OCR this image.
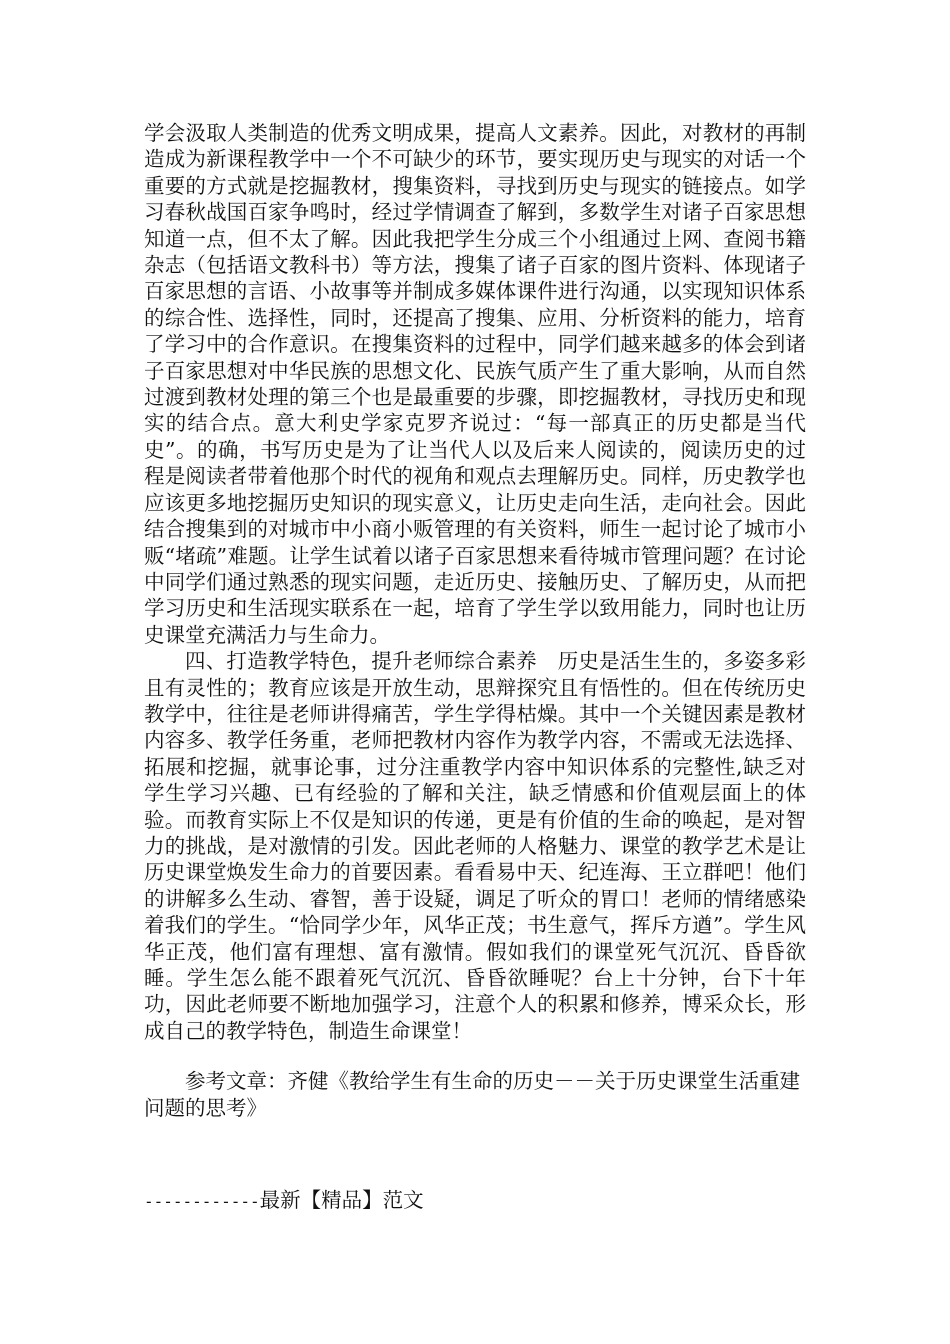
学会汲取人类制造的优秀文明成果，提高人文素养。因此，对教材的再制造成为新课程教学中一个不可缺少的环节，要实现历史与现实的对话一个重要的方式就是挖掘教材，搜集资料，寻找到历史与现实的链接点。如学习春秋战国百家争鸣时，经过学情调查了解到，多数学生对诸子百家思想知道一点，但不太了解。因此我把学生分成三个小组通过上网、查阅书籍杂志（包括语文教科书）等方法，搜集了诸子百家的图片资料、体现诸子百家思想的言语、小故事等并制成多媒体课件进行沟通，以实现知识体系的综合性、选择性，同时，还提高了搜集、应用、分析资料的能力，培育了学习中的合作意识。在搜集资料的过程中，同学们越来越多的体会到诸子百家思想对中华民族的思想文化、民族气质产生了重大影响，从而自然过渡到教材处理的第三个也是最重要的步骤，即挖掘教材，寻找历史和现实的结合点。意大利史学家克罗齐说过：“每一部真正的历史都是当代史”。的确，书写历史是为了让当代人以及后来人阅读的，阅读历史的过程是阅读者带着他那个时代的视角和观点去理解历史。同样，历史教学也应该更多地挖掘历史知识的现实意义，让历史走向生活，走向社会。因此结合搜集到的对城市中小商小贩管理的有关资料，师生一起讨论了城市小贩“堵疏”难题。让学生试着以诸子百家思想来看待城市管理问题？在讨论中同学们通过熟悉的现实问题，走近历史、接触历史、了解历史，从而把学习历史和生活现实联系在一起，培育了学生学以致用能力，同时也让历史课堂充满活力与生命力。

四、打造教学特色，提升老师综合素养　历史是活生生的，多姿多彩且有灵性的；教育应该是开放生动，思辩探究且有悟性的。但在传统历史教学中，往往是老师讲得痛苦，学生学得枯燥。其中一个关键因素是教材内容多、教学任务重，老师把教材内容作为教学内容，不需或无法选择、拓展和挖掘，就事论事，过分注重教学内容中知识体系的完整性,缺乏对学生学习兴趣、已有经验的了解和关注，缺乏情感和价值观层面上的体验。而教育实际上不仅是知识的传递，更是有价值的生命的唤起，是对智力的挑战，是对激情的引发。因此老师的人格魅力、课堂的教学艺术是让历史课堂焕发生命力的首要因素。看看易中天、纪连海、王立群吧！他们的讲解多么生动、睿智，善于设疑，调足了听众的胃口！老师的情绪感染着我们的学生。“恰同学少年，风华正茂；书生意气，挥斥方遒”。学生风华正茂，他们富有理想、富有激情。假如我们的课堂死气沉沉、昏昏欲睡。学生怎么能不跟着死气沉沉、昏昏欲睡呢？台上十分钟，台下十年功，因此老师要不断地加强学习，注意个人的积累和修养，博采众长，形成自己的教学特色，制造生命课堂！

参考文章：齐健《教给学生有生命的历史－－关于历史课堂生活重建问题的思考》

------------最新【精品】范文
